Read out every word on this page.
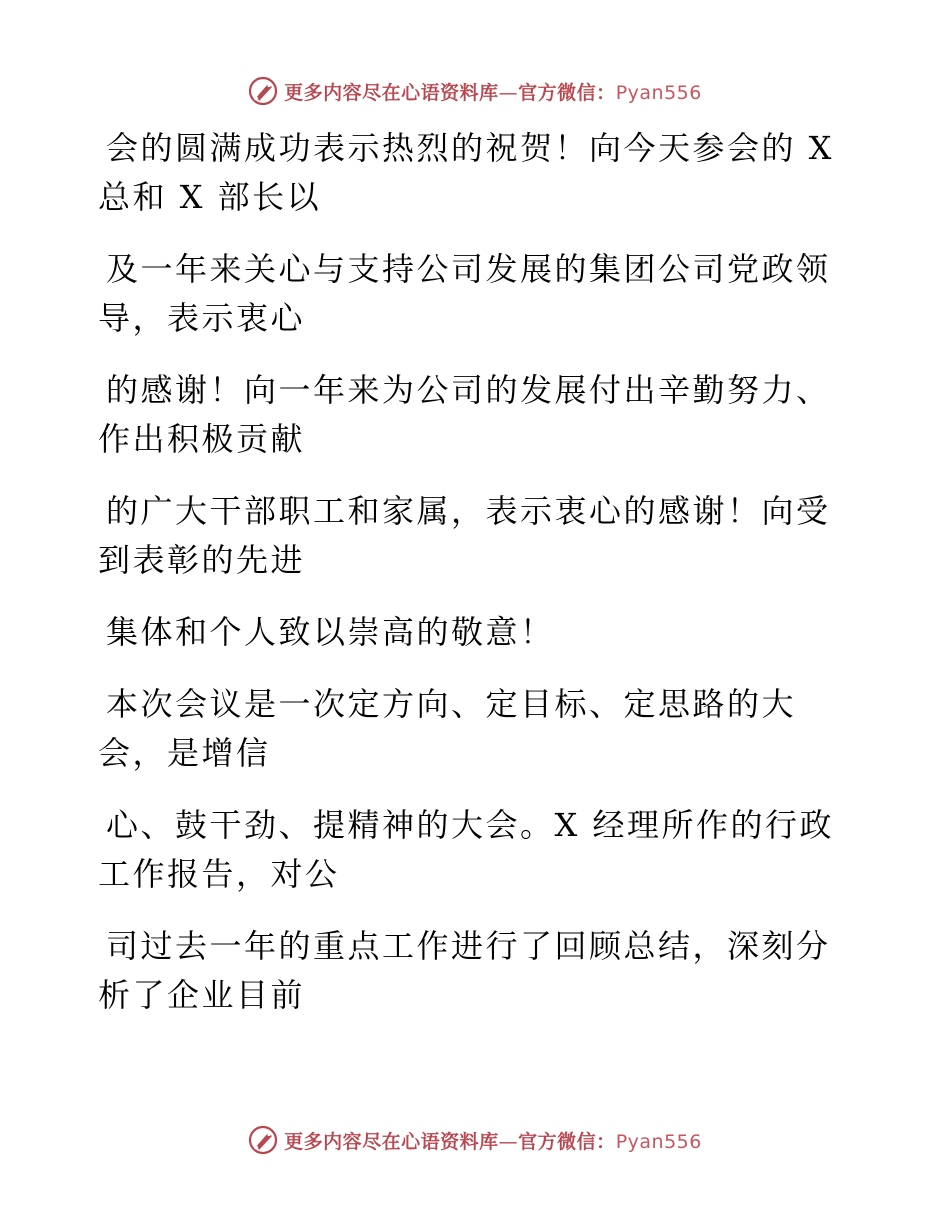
更多内容尽在心语资料库—官方微信：Pyan556
会的圆满成功表示热烈的祝贺！向今天参会的 X
总和 X 部长以
及一年来关心与支持公司发展的集团公司党政领
导，表示衷心
的感谢！向一年来为公司的发展付出辛勤努力、
作出积极贡献
的广大干部职工和家属，表示衷心的感谢！向受
到表彰的先进
集体和个人致以崇高的敬意！
本次会议是一次定方向、定目标、定思路的大
会，是增信
心、鼓干劲、提精神的大会。X 经理所作的行政
工作报告，对公
司过去一年的重点工作进行了回顾总结，深刻分
析了企业目前
更多内容尽在心语资料库—官方微信：Pyan556
